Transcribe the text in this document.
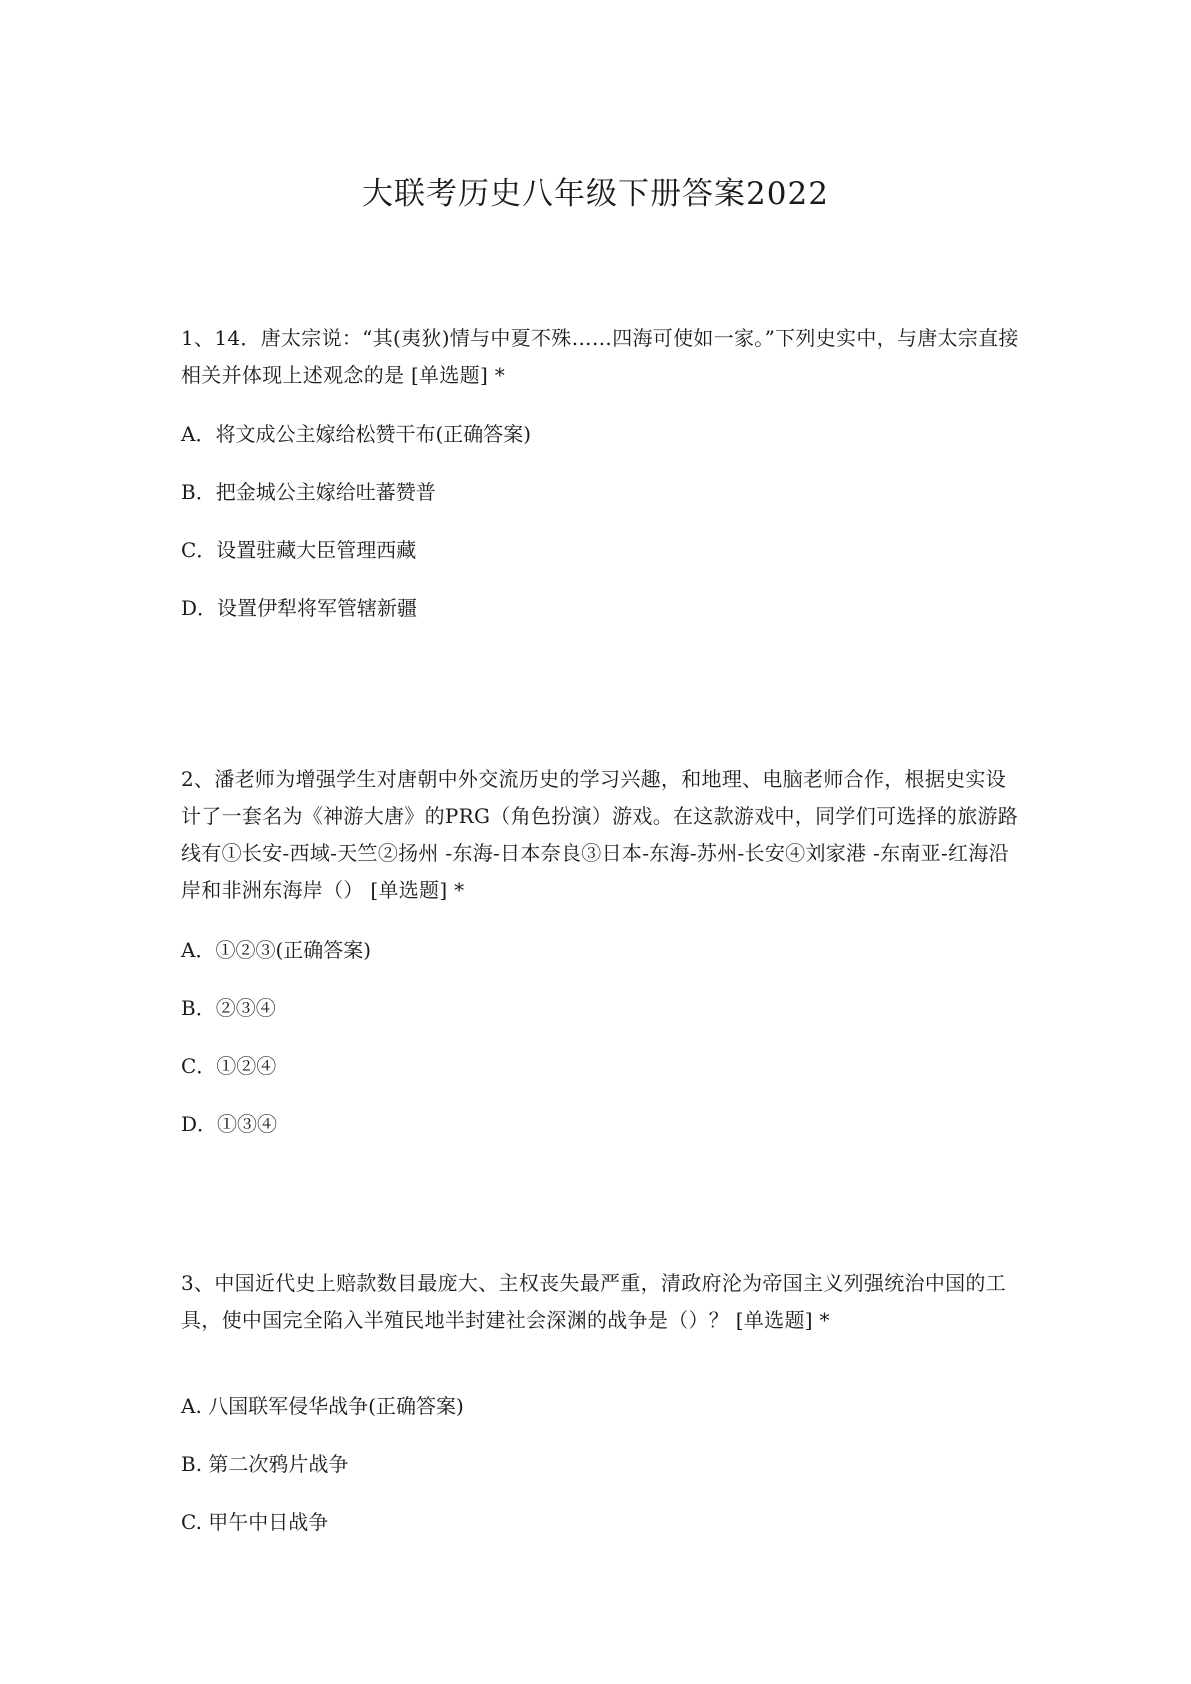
大联考历史八年级下册答案2022
1、14．唐太宗说：“其(夷狄)情与中夏不殊……四海可使如一家。”下列史实中，与唐太宗直接相关并体现上述观念的是 [单选题] *
A．将文成公主嫁给松赞干布(正确答案)
B．把金城公主嫁给吐蕃赞普
C．设置驻藏大臣管理西藏
D．设置伊犁将军管辖新疆
2、潘老师为增强学生对唐朝中外交流历史的学习兴趣，和地理、电脑老师合作，根据史实设计了一套名为《神游大唐》的PRG（角色扮演）游戏。在这款游戏中，同学们可选择的旅游路线有①长安-西域-天竺②扬州 -东海-日本奈良③日本-东海-苏州-长安④刘家港 -东南亚-红海沿岸和非洲东海岸（） [单选题] *
A．①②③(正确答案)
B．②③④
C．①②④
D．①③④
3、中国近代史上赔款数目最庞大、主权丧失最严重，清政府沦为帝国主义列强统治中国的工具，使中国完全陷入半殖民地半封建社会深渊的战争是（）？ [单选题] *
A. 八国联军侵华战争(正确答案)
B. 第二次鸦片战争
C. 甲午中日战争
